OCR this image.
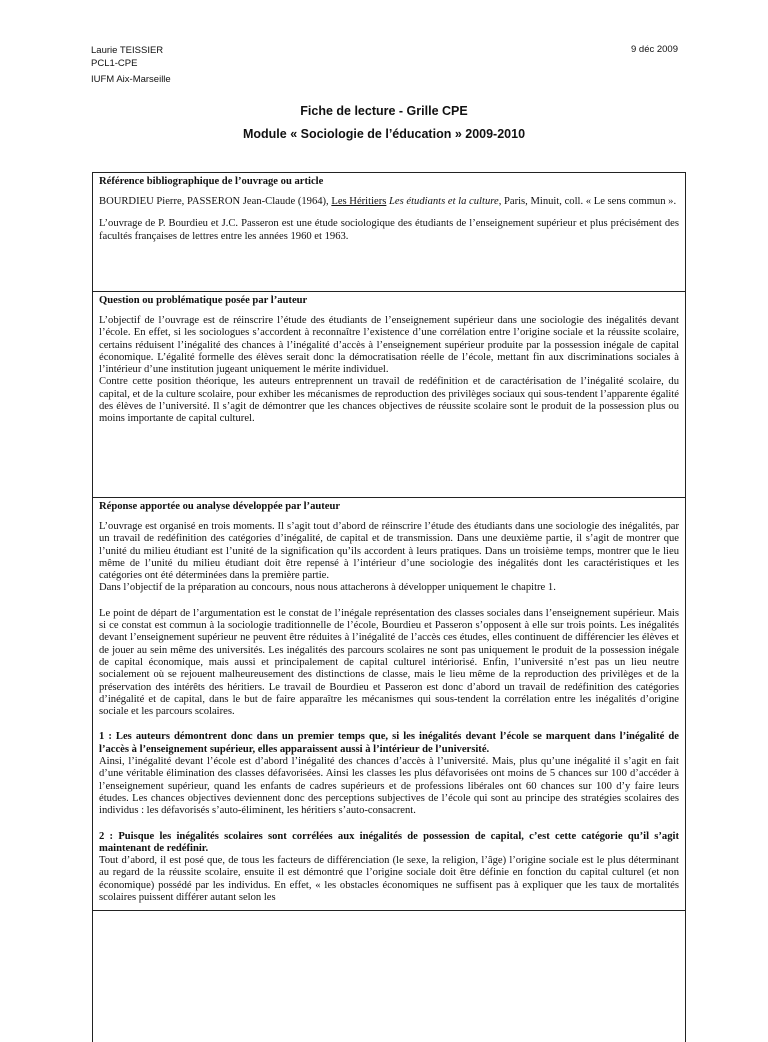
Laurie TEISSIER
PCL1-CPE
IUFM Aix-Marseille
9 déc 2009
Fiche de lecture - Grille CPE
Module « Sociologie de l’éducation » 2009-2010
Référence bibliographique de l’ouvrage ou article

BOURDIEU Pierre, PASSERON Jean-Claude (1964), Les Héritiers Les étudiants et la culture, Paris, Minuit, coll. « Le sens commun ».

L’ouvrage de P. Bourdieu et J.C. Passeron est une étude sociologique des étudiants de l’enseignement supérieur et plus précisément des facultés françaises de lettres entre les années 1960 et 1963.

Question ou problématique posée par l’auteur

L’objectif de l’ouvrage est de réinscrire l’étude des étudiants de l’enseignement supérieur dans une sociologie des inégalités devant l’école. En effet, si les sociologues s’accordent à reconnaître l’existence d’une corrélation entre l’origine sociale et la réussite scolaire, certains réduisent l’inégalité des chances à l’inégalité d’accès à l’enseignement supérieur produite par la possession inégale de capital économique. L’égalité formelle des élèves serait donc la démocratisation réelle de l’école, mettant fin aux discriminations sociales à l’intérieur d’une institution jugeant uniquement le mérite individuel.

Contre cette position théorique, les auteurs entreprennent un travail de redéfinition et de caractérisation de l’inégalité scolaire, du capital, et de la culture scolaire, pour exhiber les mécanismes de reproduction des privilèges sociaux qui sous-tendent l’apparente égalité des élèves de l’université. Il s’agit de démontrer que les chances objectives de réussite scolaire sont le produit de la possession plus ou moins importante de capital culturel.

Réponse apportée ou analyse développée par l’auteur

L’ouvrage est organisé en trois moments. Il s’agit tout d’abord de réinscrire l’étude des étudiants dans une sociologie des inégalités, par un travail de redéfinition des catégories d’inégalité, de capital et de transmission. Dans une deuxième partie, il s’agit de montrer que l’unité du milieu étudiant est l’unité de la signification qu’ils accordent à leurs pratiques. Dans un troisième temps, montrer que le lieu même de l’unité du milieu étudiant doit être repensé à l’intérieur d’une sociologie des inégalités dont les caractéristiques et les catégories ont été déterminées dans la première partie.

Dans l’objectif de la préparation au concours, nous nous attacherons à développer uniquement le chapitre 1.

Le point de départ de l’argumentation est le constat de l’inégale représentation des classes sociales dans l’enseignement supérieur. Mais si ce constat est commun à la sociologie traditionnelle de l’école, Bourdieu et Passeron s’opposent à elle sur trois points. Les inégalités devant l’enseignement supérieur ne peuvent être réduites à l’inégalité de l’accès ces études, elles continuent de différencier les élèves et de jouer au sein même des universités. Les inégalités des parcours scolaires ne sont pas uniquement le produit de la possession inégale de capital économique, mais aussi et principalement de capital culturel intériorisé. Enfin, l’université n’est pas un lieu neutre socialement où se rejouent malheureusement des distinctions de classe, mais le lieu même de la reproduction des privilèges et de la préservation des intérêts des héritiers. Le travail de Bourdieu et Passeron est donc d’abord un travail de redéfinition des catégories d’inégalité et de capital, dans le but de faire apparaître les mécanismes qui sous-tendent la corrélation entre les inégalités d’origine sociale et les parcours scolaires.

1 : Les auteurs démontrent donc dans un premier temps que, si les inégalités devant l’école se marquent dans l’inégalité de l’accès à l’enseignement supérieur, elles apparaissent aussi à l’intérieur de l’université.

Ainsi, l’inégalité devant l’école est d’abord l’inégalité des chances d’accès à l’université. Mais, plus qu’une inégalité il s’agit en fait d’une véritable élimination des classes défavorisées. Ainsi les classes les plus défavorisées ont moins de 5 chances sur 100 d’accéder à l’enseignement supérieur, quand les enfants de cadres supérieurs et de professions libérales ont 60 chances sur 100 d’y faire leurs études. Les chances objectives deviennent donc des perceptions subjectives de l’école qui sont au principe des stratégies scolaires des individus : les défavorisés s’auto-éliminent, les héritiers s’auto-consacrent.

2 : Puisque les inégalités scolaires sont corrélées aux inégalités de possession de capital, c’est cette catégorie qu’il s’agit maintenant de redéfinir.

Tout d’abord, il est posé que, de tous les facteurs de différenciation (le sexe, la religion, l’âge) l’origine sociale est le plus déterminant au regard de la réussite scolaire, ensuite il est démontré que l’origine sociale doit être définie en fonction du capital culturel (et non économique) possédé par les individus. En effet, « les obstacles économiques ne suffisent pas à expliquer que les taux de mortalités scolaires puissent différer autant selon les
